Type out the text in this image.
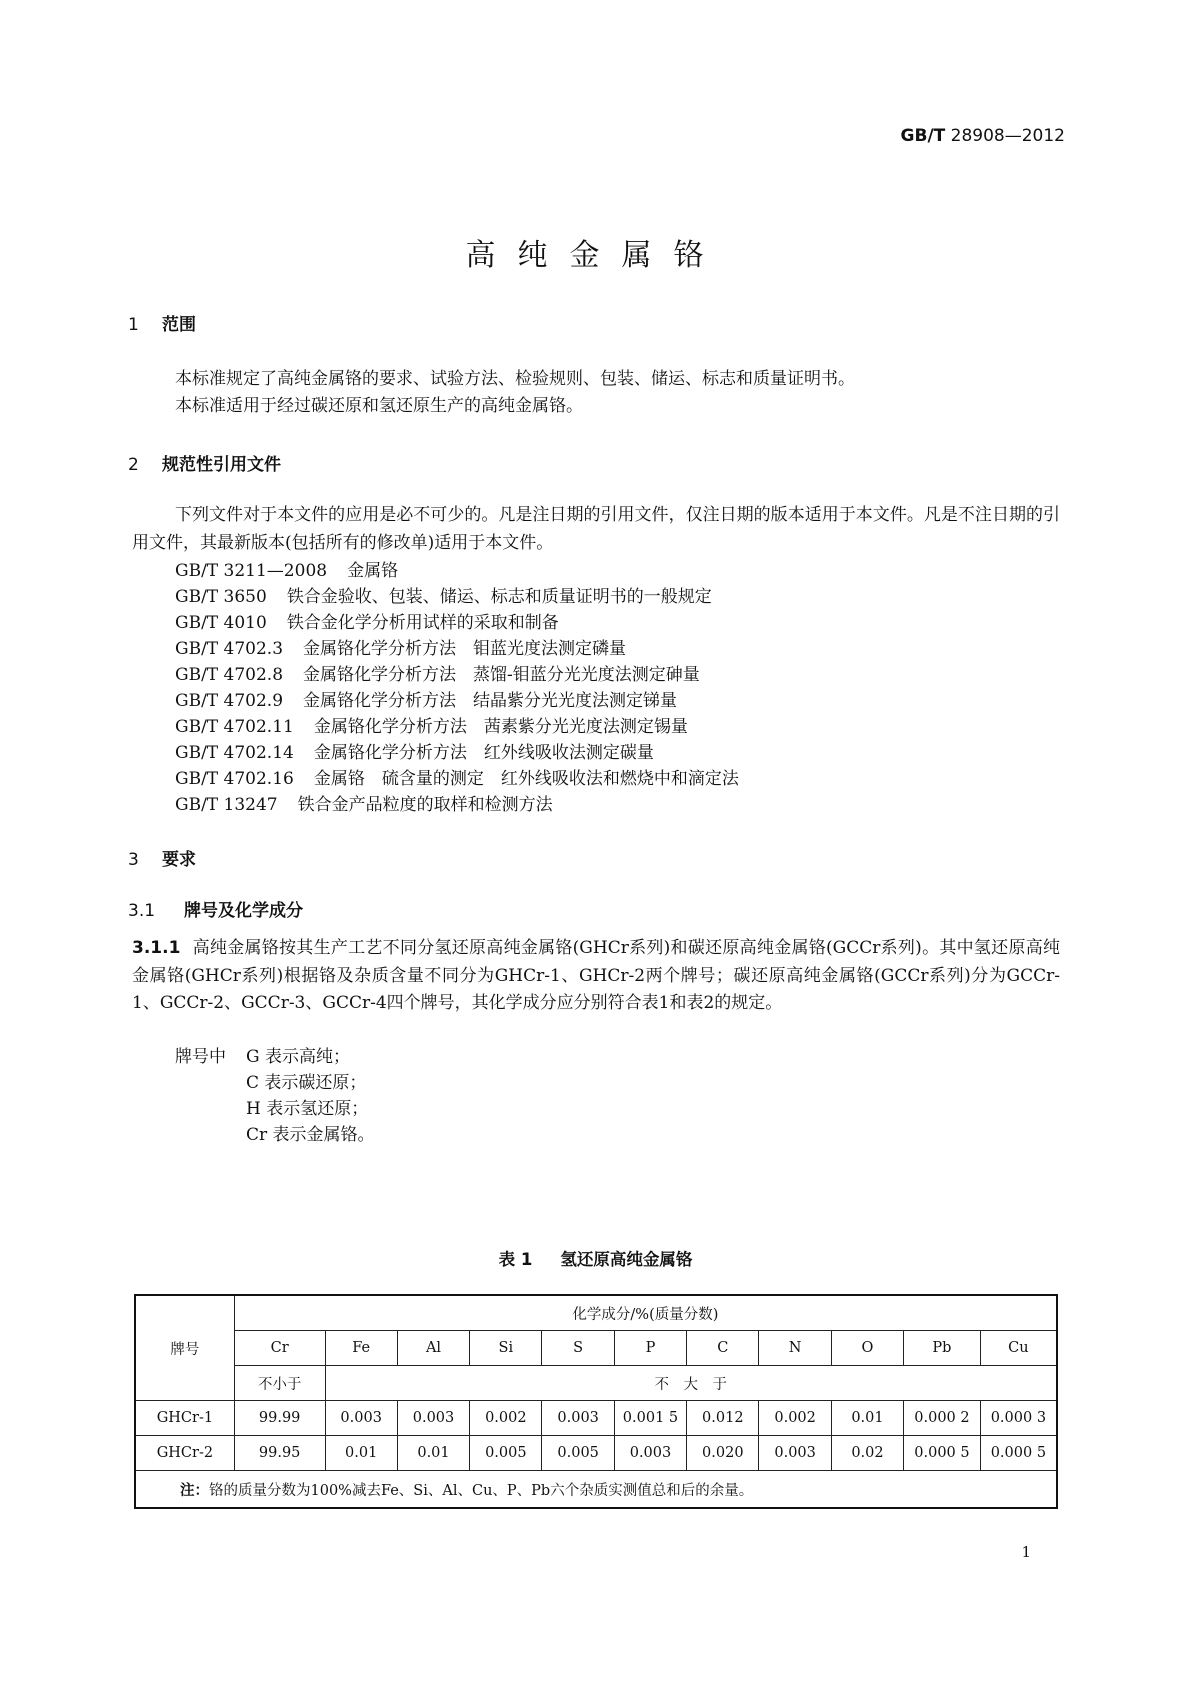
GB/T 28908—2012
高纯金属铬
1 范围
本标准规定了高纯金属铬的要求、试验方法、检验规则、包装、储运、标志和质量证明书。
本标准适用于经过碳还原和氢还原生产的高纯金属铬。
2 规范性引用文件
下列文件对于本文件的应用是必不可少的。凡是注日期的引用文件，仅注日期的版本适用于本文件。凡是不注日期的引用文件，其最新版本(包括所有的修改单)适用于本文件。
GB/T 3211—2008 金属铬
GB/T 3650 铁合金验收、包装、储运、标志和质量证明书的一般规定
GB/T 4010 铁合金化学分析用试样的采取和制备
GB/T 4702.3 金属铬化学分析方法　钼蓝光度法测定磷量
GB/T 4702.8 金属铬化学分析方法　蒸馏-钼蓝分光光度法测定砷量
GB/T 4702.9 金属铬化学分析方法　结晶紫分光光度法测定锑量
GB/T 4702.11 金属铬化学分析方法　茜素紫分光光度法测定锡量
GB/T 4702.14 金属铬化学分析方法　红外线吸收法测定碳量
GB/T 4702.16 金属铬　硫含量的测定　红外线吸收法和燃烧中和滴定法
GB/T 13247 铁合金产品粒度的取样和检测方法
3 要求
3.1 牌号及化学成分
3.1.1 高纯金属铬按其生产工艺不同分氢还原高纯金属铬(GHCr系列)和碳还原高纯金属铬(GCCr系列)。其中氢还原高纯金属铬(GHCr系列)根据铬及杂质含量不同分为GHCr-1、GHCr-2两个牌号；碳还原高纯金属铬(GCCr系列)分为GCCr-1、GCCr-2、GCCr-3、GCCr-4四个牌号，其化学成分应分别符合表1和表2的规定。
牌号中 G 表示高纯；
C 表示碳还原；
H 表示氢还原；
Cr 表示金属铬。
表 1 氢还原高纯金属铬
牌号	化学成分/%(质量分数)										
	Cr	Fe	Al	Si	S	P	C	N	O	Pb	Cu
	不小于	不　大　于									
GHCr-1	99.99	0.003	0.003	0.002	0.003	0.001 5	0.012	0.002	0.01	0.000 2	0.000 3
GHCr-2	99.95	0.01	0.01	0.005	0.005	0.003	0.020	0.003	0.02	0.000 5	0.000 5
注：铬的质量分数为100%减去Fe、Si、Al、Cu、P、Pb六个杂质实测值总和后的余量。											
1
